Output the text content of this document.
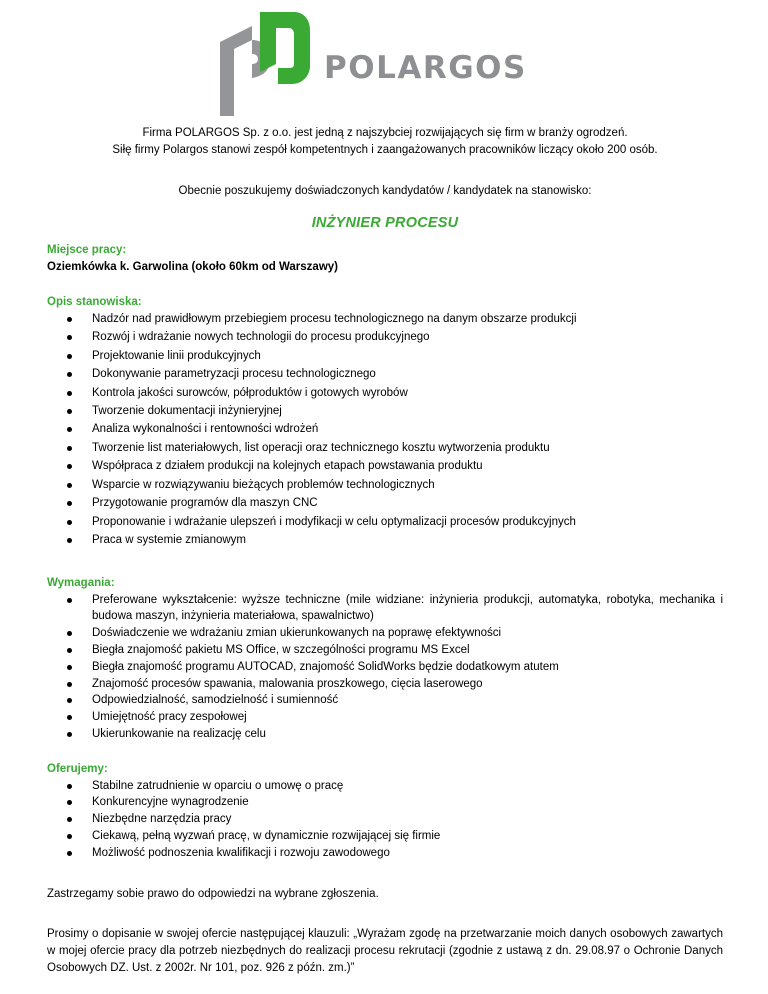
POLARGOS

Firma POLARGOS Sp. z o.o. jest jedną z najszybciej rozwijających się firm w branży ogrodzeń.

Siłę firmy Polargos stanowi zespół kompetentnych i zaangażowanych pracowników liczący około 200 osób.

Obecnie poszukujemy doświadczonych kandydatów / kandydatek na stanowisko:

INŻYNIER PROCESU

Miejsce pracy:

Oziemkówka k. Garwolina (około 60km od Warszawy)

Opis stanowiska:

Nadzór nad prawidłowym przebiegiem procesu technologicznego na danym obszarze produkcji
Rozwój i wdrażanie nowych technologii do procesu produkcyjnego
Projektowanie linii produkcyjnych
Dokonywanie parametryzacji procesu technologicznego
Kontrola jakości surowców, półproduktów i gotowych wyrobów
Tworzenie dokumentacji inżynieryjnej
Analiza wykonalności i rentowności wdrożeń
Tworzenie list materiałowych, list operacji oraz technicznego kosztu wytworzenia produktu
Współpraca z działem produkcji na kolejnych etapach powstawania produktu
Wsparcie w rozwiązywaniu bieżących problemów technologicznych
Przygotowanie programów dla maszyn CNC
Proponowanie i wdrażanie ulepszeń i modyfikacji w celu optymalizacji procesów produkcyjnych
Praca w systemie zmianowym

Wymagania:

Preferowane wykształcenie: wyższe techniczne (mile widziane: inżynieria produkcji, automatyka, robotyka, mechanika i budowa maszyn, inżynieria materiałowa, spawalnictwo)
Doświadczenie we wdrażaniu zmian ukierunkowanych na poprawę efektywności
Biegła znajomość pakietu MS Office, w szczególności programu MS Excel
Biegła znajomość programu AUTOCAD, znajomość SolidWorks będzie dodatkowym atutem
Znajomość procesów spawania, malowania proszkowego, cięcia laserowego
Odpowiedzialność, samodzielność i sumienność
Umiejętność pracy zespołowej
Ukierunkowanie na realizację celu

Oferujemy:

Stabilne zatrudnienie w oparciu o umowę o pracę
Konkurencyjne wynagrodzenie
Niezbędne narzędzia pracy
Ciekawą, pełną wyzwań pracę, w dynamicznie rozwijającej się firmie
Możliwość podnoszenia kwalifikacji i rozwoju zawodowego

Zastrzegamy sobie prawo do odpowiedzi na wybrane zgłoszenia.

Prosimy o dopisanie w swojej ofercie następującej klauzuli: „Wyrażam zgodę na przetwarzanie moich danych osobowych zawartych w mojej ofercie pracy dla potrzeb niezbędnych do realizacji procesu rekrutacji (zgodnie z ustawą z dn. 29.08.97 o Ochronie Danych Osobowych DZ. Ust. z 2002r. Nr 101, poz. 926 z późn. zm.)”
